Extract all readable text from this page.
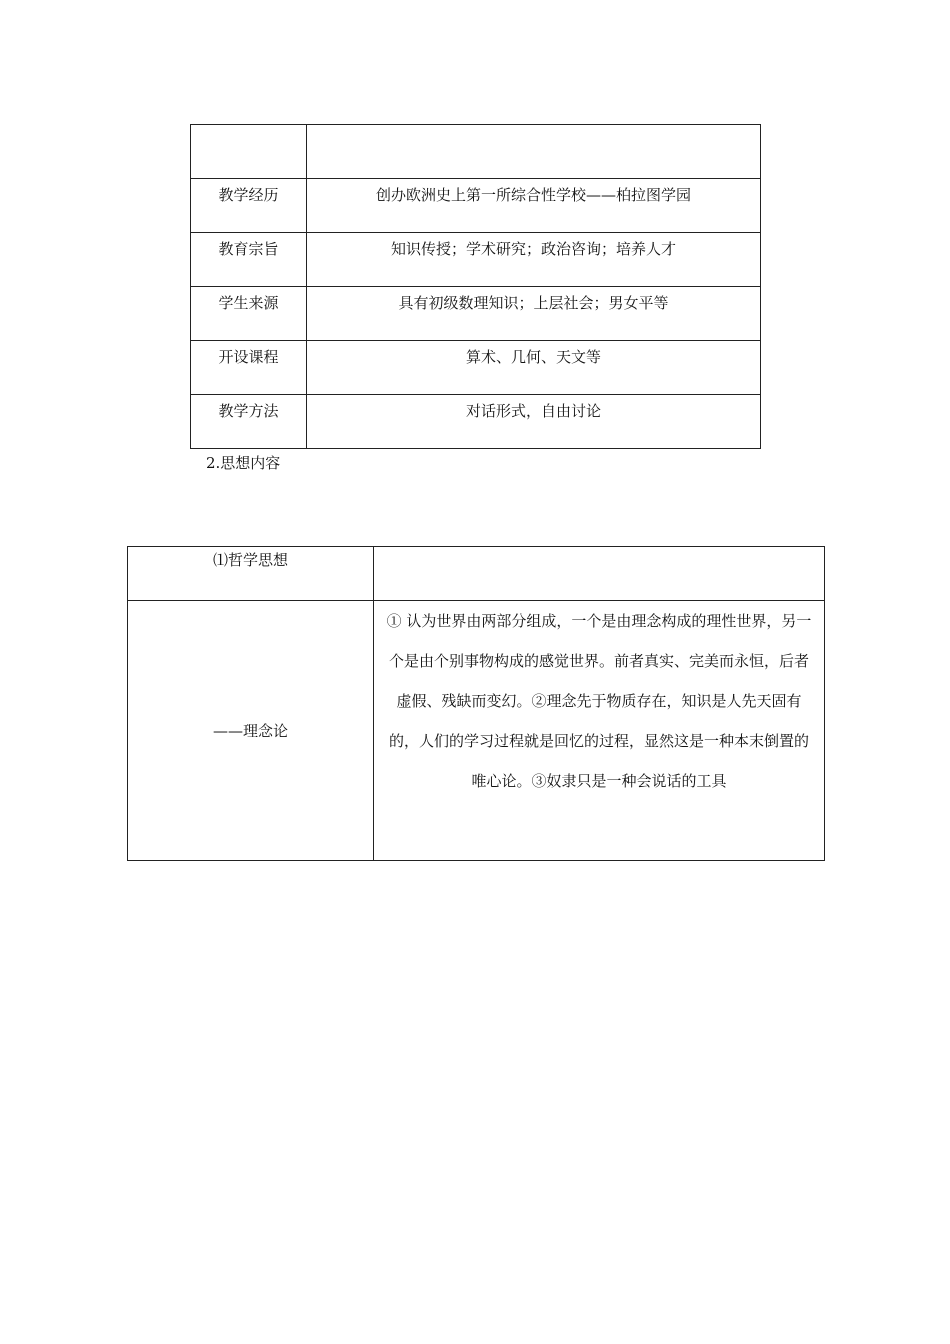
教学经历	创办欧洲史上第一所综合性学校——柏拉图学园
教育宗旨	知识传授；学术研究；政治咨询；培养人才
学生来源	具有初级数理知识；上层社会；男女平等
开设课程	算术、几何、天文等
教学方法	对话形式，自由讨论
2.思想内容
⑴哲学思想	
——理念论	① 认为世界由两部分组成，一个是由理念构成的理性世界，另一个是由个别事物构成的感觉世界。前者真实、完美而永恒，后者虚假、残缺而变幻。②理念先于物质存在，知识是人先天固有的，人们的学习过程就是回忆的过程，显然这是一种本末倒置的唯心论。③奴隶只是一种会说话的工具
